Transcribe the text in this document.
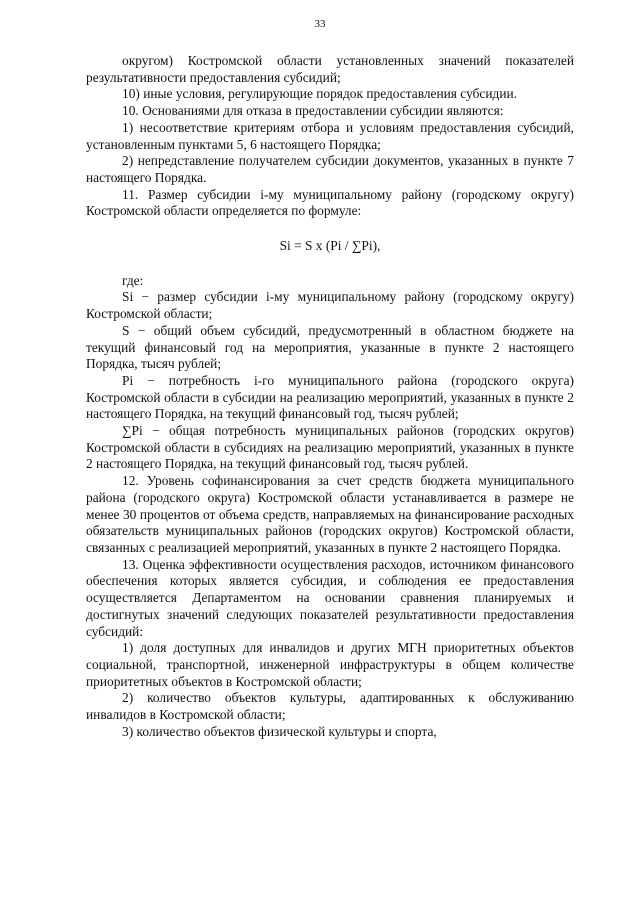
33

округом) Костромской области установленных значений показателей результативности предоставления субсидий;

10) иные условия, регулирующие порядок предоставления субсидии.

10. Основаниями для отказа в предоставлении субсидии являются:

1) несоответствие критериям отбора и условиям предоставления субсидий, установленным пунктами 5, 6 настоящего Порядка;

2) непредставление получателем субсидии документов, указанных в пункте 7 настоящего Порядка.

11. Размер субсидии i-му муниципальному району (городскому округу) Костромской области определяется по формуле:

Si = S x (Pi / ∑Pi),

где:

Si − размер субсидии i-му муниципальному району (городскому округу) Костромской области;

S − общий объем субсидий, предусмотренный в областном бюджете на текущий финансовый год на мероприятия, указанные в пункте 2 настоящего Порядка, тысяч рублей;

Pi − потребность i-го муниципального района (городского округа) Костромской области в субсидии на реализацию мероприятий, указанных в пункте 2 настоящего Порядка, на текущий финансовый год, тысяч рублей;

∑Pi − общая потребность муниципальных районов (городских округов) Костромской области в субсидиях на реализацию мероприятий, указанных в пункте 2 настоящего Порядка, на текущий финансовый год, тысяч рублей.

12. Уровень софинансирования за счет средств бюджета муниципального района (городского округа) Костромской области устанавливается в размере не менее 30 процентов от объема средств, направляемых на финансирование расходных обязательств муниципальных районов (городских округов) Костромской области, связанных с реализацией мероприятий, указанных в пункте 2 настоящего Порядка.

13. Оценка эффективности осуществления расходов, источником финансового обеспечения которых является субсидия, и соблюдения ее предоставления осуществляется Департаментом на основании сравнения планируемых и достигнутых значений следующих показателей результативности предоставления субсидий:

1) доля доступных для инвалидов и других МГН приоритетных объектов социальной, транспортной, инженерной инфраструктуры в общем количестве приоритетных объектов в Костромской области;

2) количество объектов культуры, адаптированных к обслуживанию инвалидов в Костромской области;

3) количество объектов физической культуры и спорта,
